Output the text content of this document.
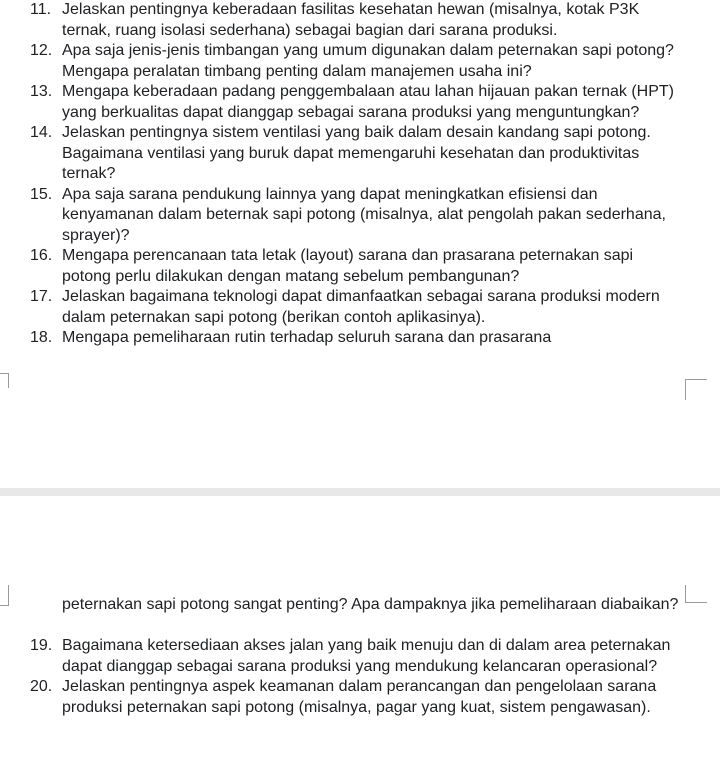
11. Jelaskan pentingnya keberadaan fasilitas kesehatan hewan (misalnya, kotak P3K ternak, ruang isolasi sederhana) sebagai bagian dari sarana produksi.
12. Apa saja jenis-jenis timbangan yang umum digunakan dalam peternakan sapi potong? Mengapa peralatan timbang penting dalam manajemen usaha ini?
13. Mengapa keberadaan padang penggembalaan atau lahan hijauan pakan ternak (HPT) yang berkualitas dapat dianggap sebagai sarana produksi yang menguntungkan?
14. Jelaskan pentingnya sistem ventilasi yang baik dalam desain kandang sapi potong. Bagaimana ventilasi yang buruk dapat memengaruhi kesehatan dan produktivitas ternak?
15. Apa saja sarana pendukung lainnya yang dapat meningkatkan efisiensi dan kenyamanan dalam beternak sapi potong (misalnya, alat pengolah pakan sederhana, sprayer)?
16. Mengapa perencanaan tata letak (layout) sarana dan prasarana peternakan sapi potong perlu dilakukan dengan matang sebelum pembangunan?
17. Jelaskan bagaimana teknologi dapat dimanfaatkan sebagai sarana produksi modern dalam peternakan sapi potong (berikan contoh aplikasinya).
18. Mengapa pemeliharaan rutin terhadap seluruh sarana dan prasarana
peternakan sapi potong sangat penting? Apa dampaknya jika pemeliharaan diabaikan?
19. Bagaimana ketersediaan akses jalan yang baik menuju dan di dalam area peternakan dapat dianggap sebagai sarana produksi yang mendukung kelancaran operasional?
20. Jelaskan pentingnya aspek keamanan dalam perancangan dan pengelolaan sarana produksi peternakan sapi potong (misalnya, pagar yang kuat, sistem pengawasan).
